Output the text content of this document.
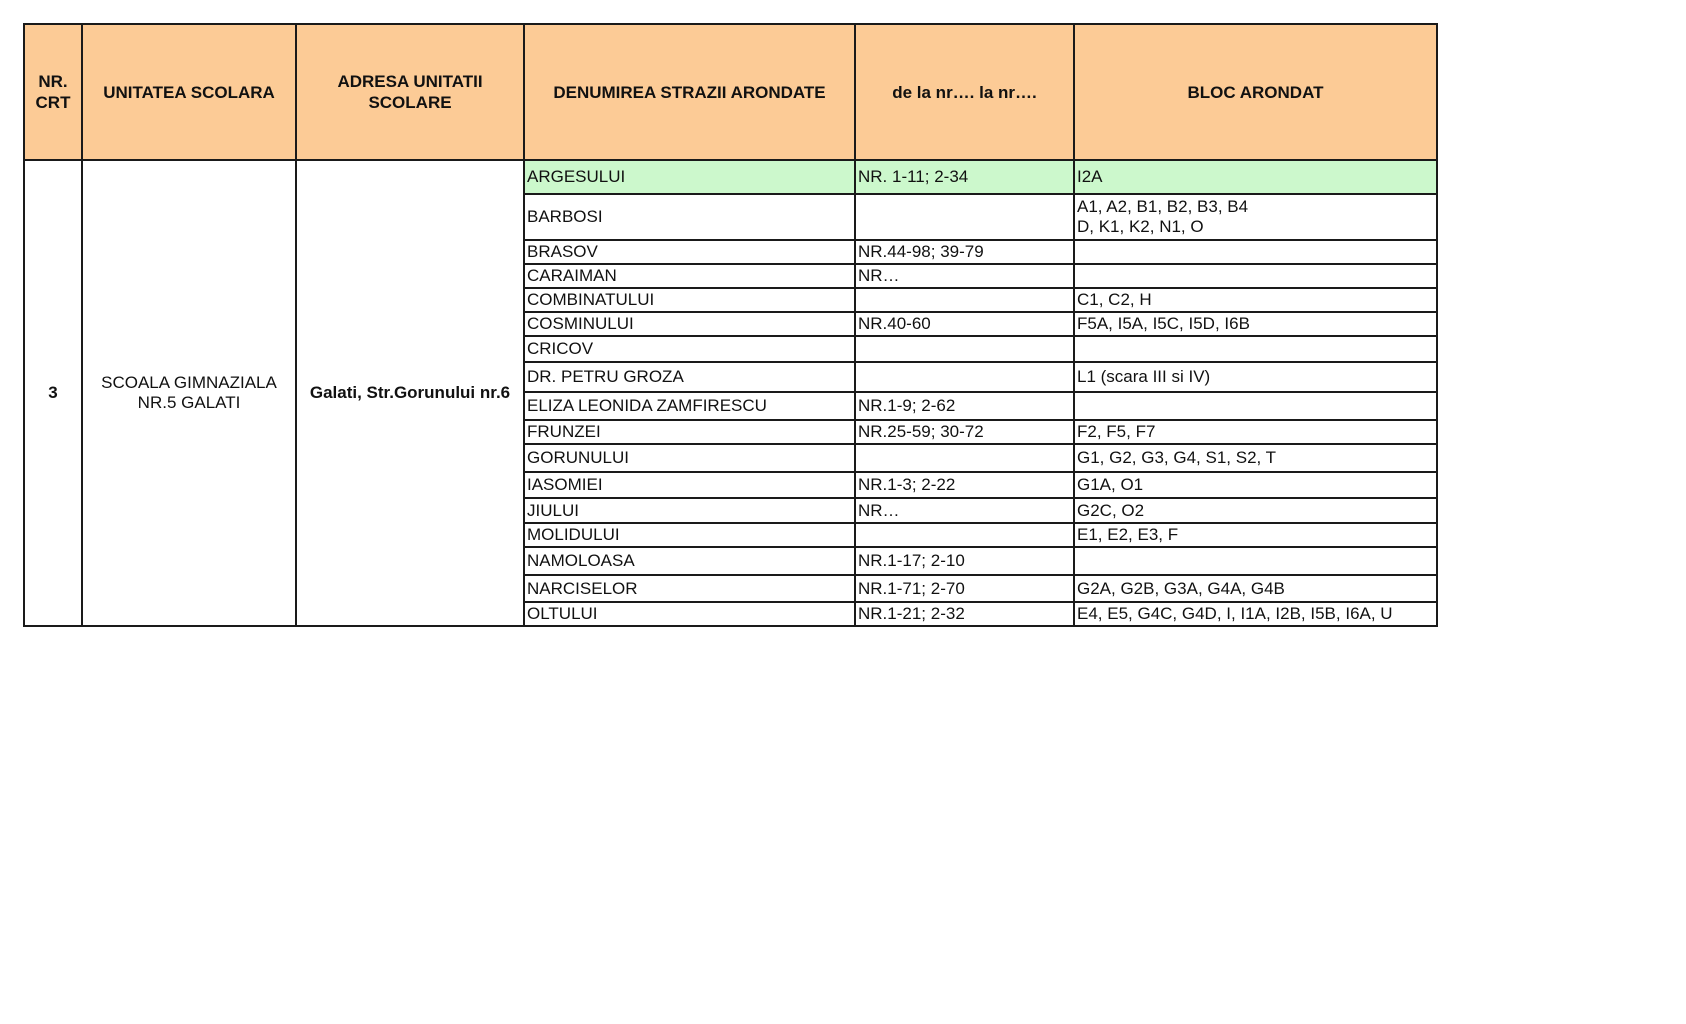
NR. CRT	UNITATEA SCOLARA	ADRESA UNITATII SCOLARE	DENUMIREA STRAZII ARONDATE	de la nr…. la nr….	BLOC ARONDAT
3	SCOALA GIMNAZIALA NR.5 GALATI	Galati, Str.Gorunului nr.6	ARGESULUI	NR. 1-11; 2-34	I2A
			BARBOSI		A1, A2, B1, B2, B3, B4
D, K1, K2, N1, O
			BRASOV	NR.44-98; 39-79	
			CARAIMAN	NR…	
			COMBINATULUI		C1, C2, H
			COSMINULUI	NR.40-60	F5A, I5A, I5C, I5D, I6B
			CRICOV		
			DR. PETRU GROZA		L1 (scara III si IV)
			ELIZA LEONIDA ZAMFIRESCU	NR.1-9; 2-62	
			FRUNZEI	NR.25-59; 30-72	F2, F5, F7
			GORUNULUI		G1, G2, G3, G4, S1, S2, T
			IASOMIEI	NR.1-3; 2-22	G1A, O1
			JIULUI	NR…	G2C, O2
			MOLIDULUI		E1, E2, E3, F
			NAMOLOASA	NR.1-17; 2-10	
			NARCISELOR	NR.1-71; 2-70	G2A, G2B, G3A, G4A, G4B
			OLTULUI	NR.1-21; 2-32	E4, E5, G4C, G4D, I, I1A, I2B, I5B, I6A, U
